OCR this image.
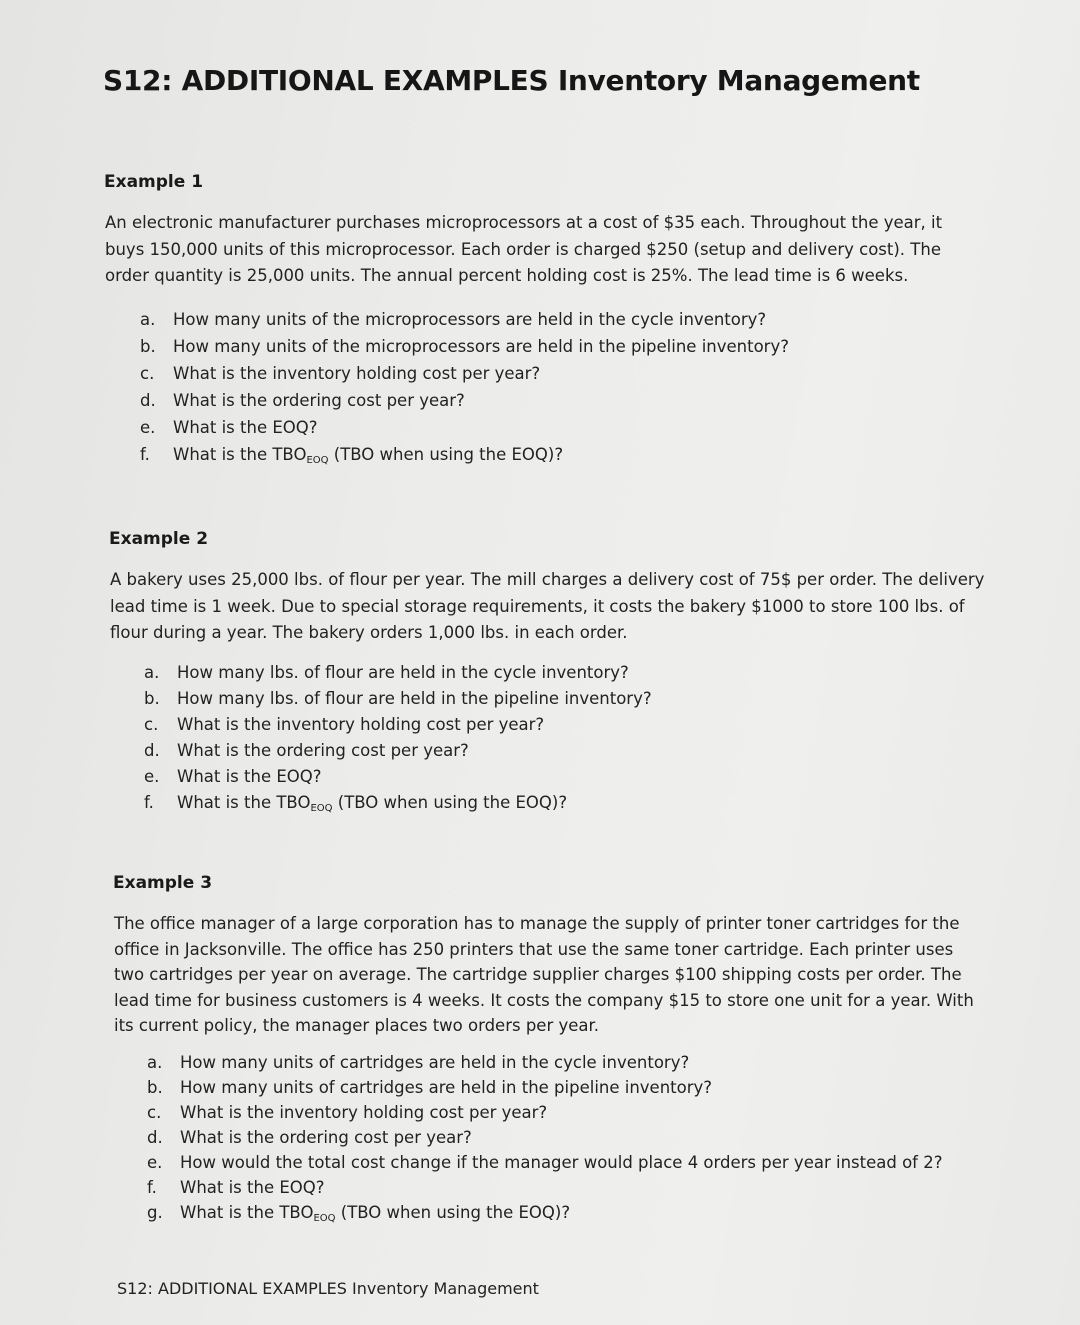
S12: ADDITIONAL EXAMPLES Inventory Management
Example 1
An electronic manufacturer purchases microprocessors at a cost of $35 each. Throughout the year, it
buys 150,000 units of this microprocessor. Each order is charged $250 (setup and delivery cost). The
order quantity is 25,000 units. The annual percent holding cost is 25%. The lead time is 6 weeks.
a. How many units of the microprocessors are held in the cycle inventory?
b. How many units of the microprocessors are held in the pipeline inventory?
c. What is the inventory holding cost per year?
d. What is the ordering cost per year?
e. What is the EOQ?
f. What is the $TBO_{EOQ}$ (TBO when using the EOQ)?
Example 2
A bakery uses 25,000 lbs. of flour per year. The mill charges a delivery cost of 75$ per order. The delivery
lead time is 1 week. Due to special storage requirements, it costs the bakery $1000 to store 100 lbs. of
flour during a year. The bakery orders 1,000 lbs. in each order.
a. How many lbs. of flour are held in the cycle inventory?
b. How many lbs. of flour are held in the pipeline inventory?
c. What is the inventory holding cost per year?
d. What is the ordering cost per year?
e. What is the EOQ?
f. What is the $TBO_{EOQ}$ (TBO when using the EOQ)?
Example 3
The office manager of a large corporation has to manage the supply of printer toner cartridges for the
office in Jacksonville. The office has 250 printers that use the same toner cartridge. Each printer uses
two cartridges per year on average. The cartridge supplier charges $100 shipping costs per order. The
lead time for business customers is 4 weeks. It costs the company $15 to store one unit for a year. With
its current policy, the manager places two orders per year.
a. How many units of cartridges are held in the cycle inventory?
b. How many units of cartridges are held in the pipeline inventory?
c. What is the inventory holding cost per year?
d. What is the ordering cost per year?
e. How would the total cost change if the manager would place 4 orders per year instead of 2?
f. What is the EOQ?
g. What is the $TBO_{EOQ}$ (TBO when using the EOQ)?
S12: ADDITIONAL EXAMPLES Inventory Management
